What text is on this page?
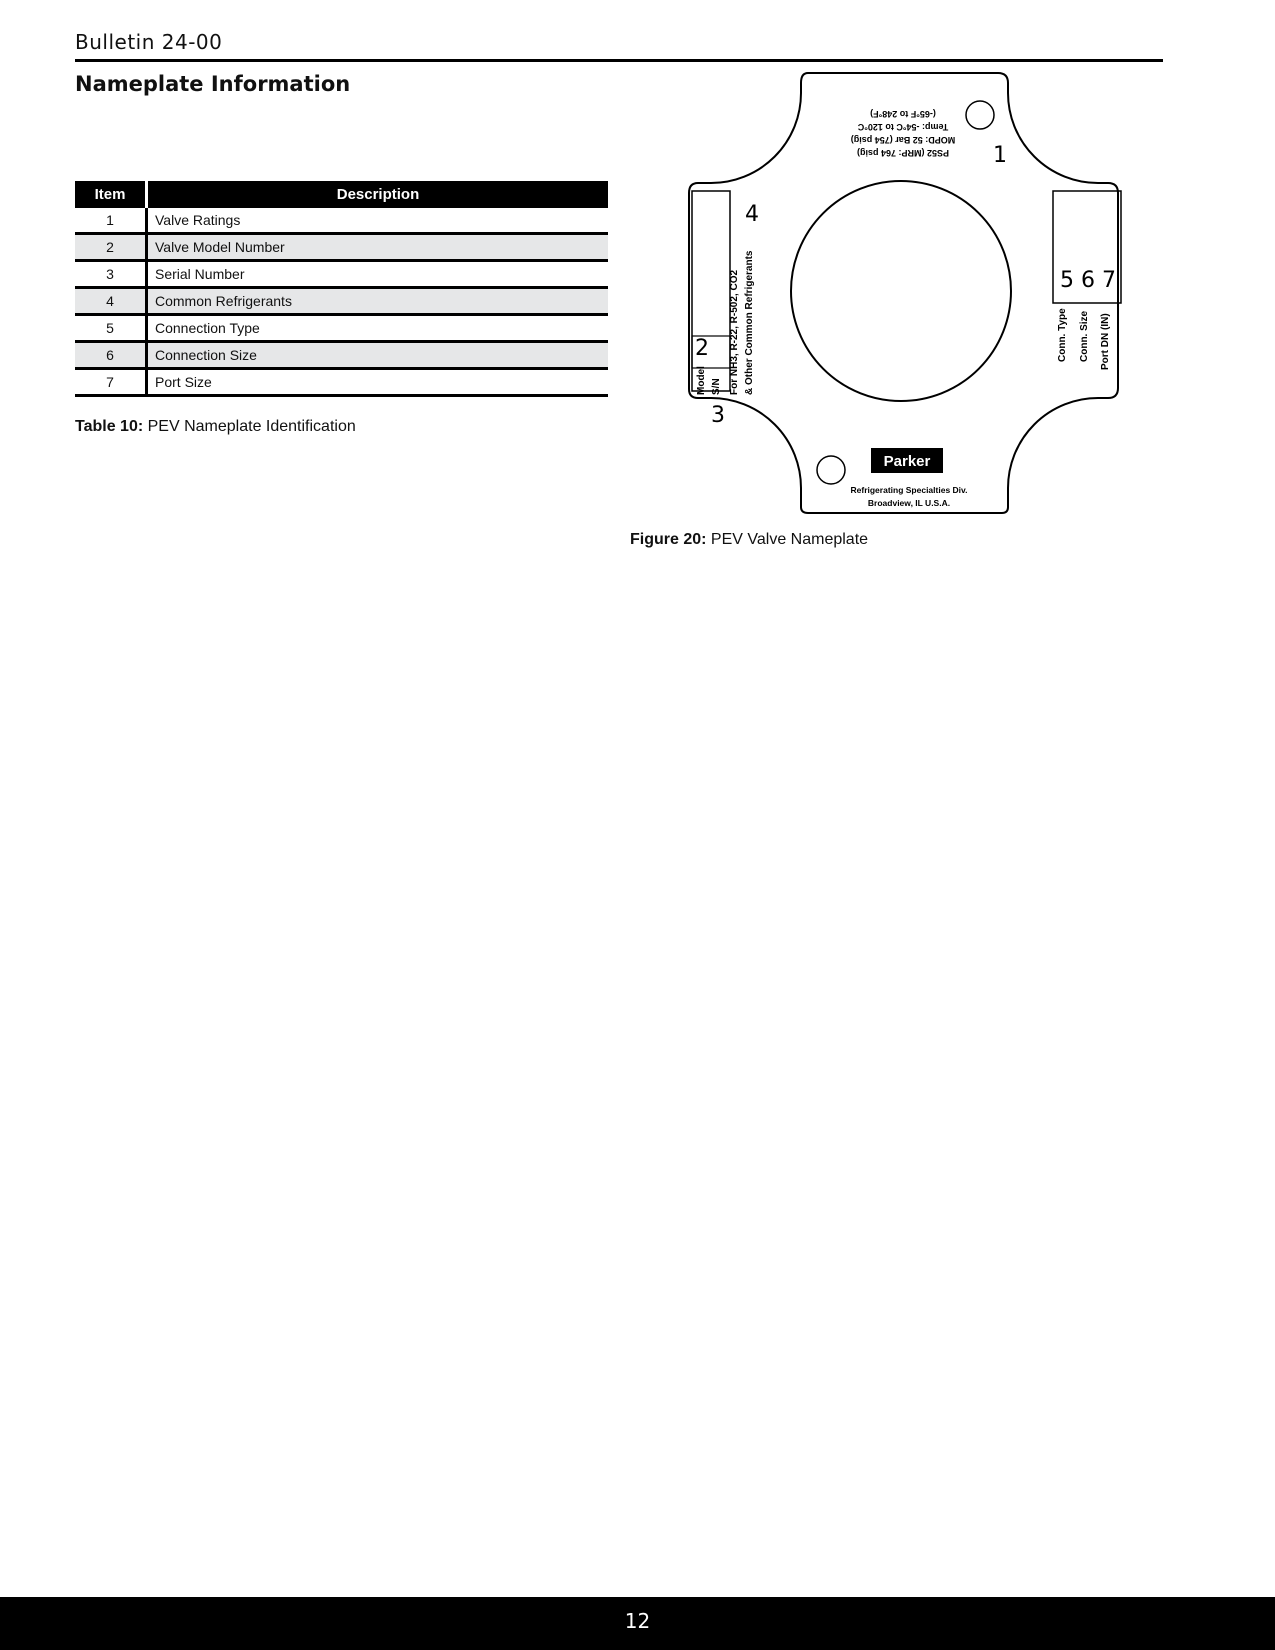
Bulletin 24-00
Nameplate Information
Item	Description
1	Valve Ratings
2	Valve Model Number
3	Serial Number
4	Common Refrigerants
5	Connection Type
6	Connection Size
7	Port Size
Table 10: PEV Nameplate Identification
PS52 (MRP: 764 psig)
MOPD: 52 Bar (754 psig)
Temp: -54°C to 120°C
(-65°F to 248°F)
1
2
3
4
5 6 7
Model S/N For NH3, R-22, R-502, CO2 & Other Common Refrigerants	Conn. Type Conn. Size Port DN (IN)
Parker
Refrigerating Specialties Div.
Broadview, IL U.S.A.
Figure 20: PEV Valve Nameplate
12
